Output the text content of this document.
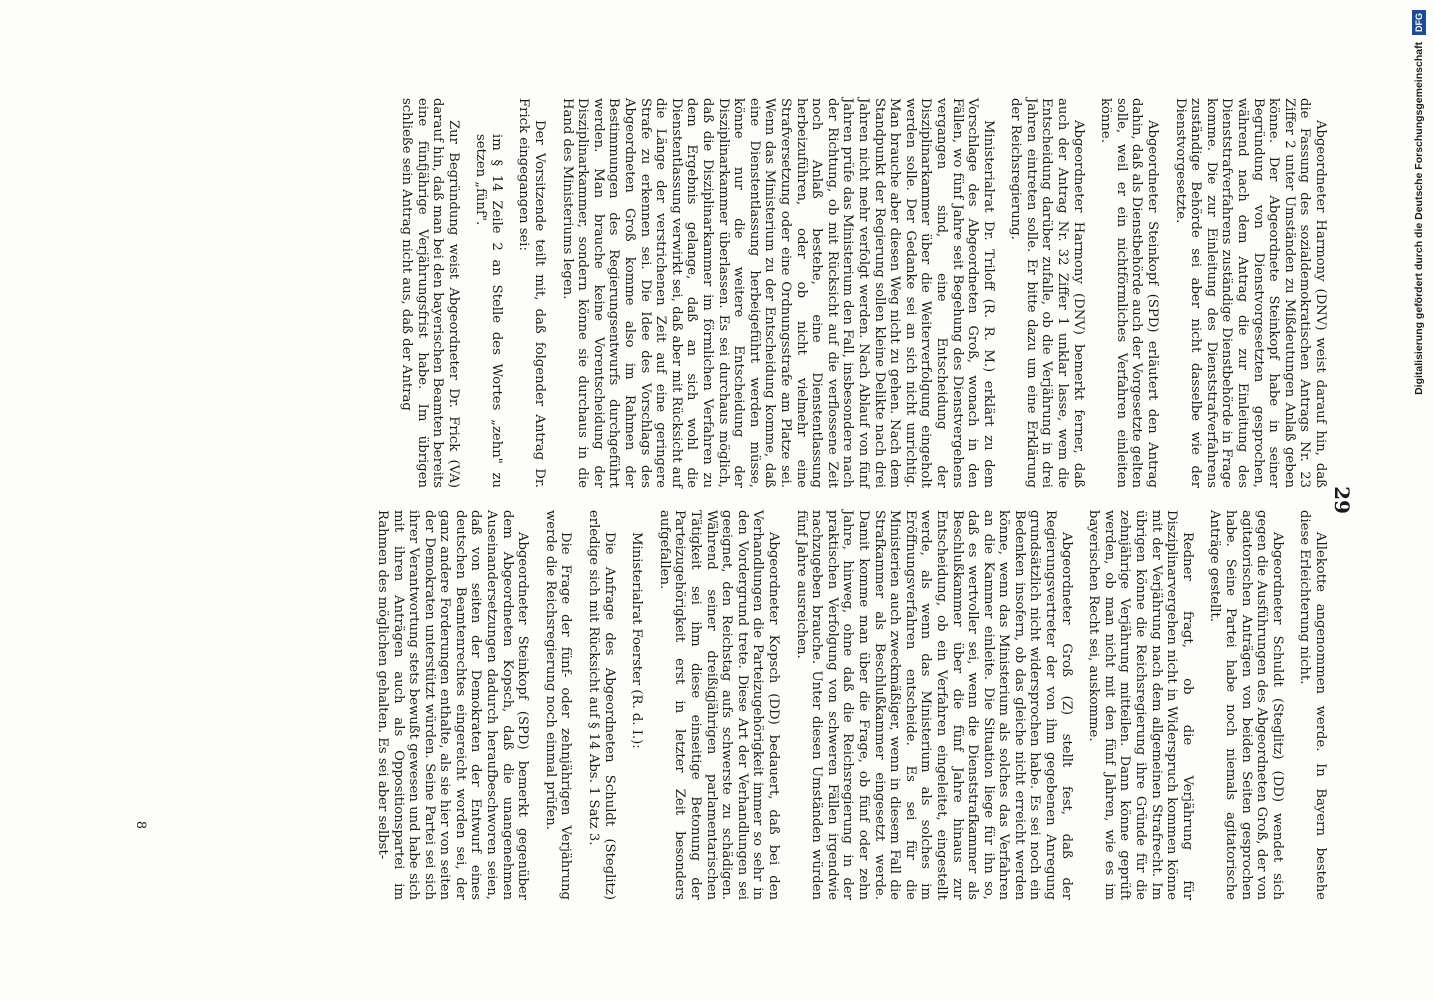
29

Abgeordneter Harmony (DNV) weist darauf hin, daß die Fassung des sozialdemokratischen Antrags Nr. 23 Ziffer 2 unter Umständen zu Mißdeutungen Anlaß geben könne. Der Abgeordnete Steinkopf habe in seiner Begründung von Dienstvorgesetzten gesprochen, während nach dem Antrag die zur Einleitung des Dienststrafverfahrens zuständige Dienstbehörde in Frage komme. Die zur Einleitung des Dienststrafverfahrens zuständige Behörde sei aber nicht dasselbe wie der Dienstvorgesetzte.

Abgeordneter Steinkopf (SPD) erläutert den Antrag dahin, daß als Dienstbehörde auch der Vorgesetzte gelten solle, weil er ein nichtförmliches Verfahren einleiten könne.

Abgeordneter Harmony (DNV) bemerkt ferner, daß auch der Antrag Nr. 32 Ziffer 1 unklar lasse, wem die Entscheidung darüber zufalle, ob die Verjährung in drei Jahren eintreten solle. Er bitte dazu um eine Erklärung der Reichsregierung.

Ministerialrat Dr. Triloff (R. R. M.) erklärt zu dem Vorschlage des Abgeordneten Groß, wonach in den Fällen, wo fünf Jahre seit Begehung des Dienstvergehens vergangen sind, eine Entscheidung der Disziplinarkammer über die Weiterverfolgung eingeholt werden solle. Der Gedanke sei an sich nicht unrichtig. Man brauche aber diesen Weg nicht zu gehen. Nach dem Standpunkt der Regierung sollen kleine Delikte nach drei Jahren nicht mehr verfolgt werden. Nach Ablauf von fünf Jahren prüfe das Ministerium den Fall, insbesondere nach der Richtung, ob mit Rücksicht auf die verflossene Zeit noch Anlaß bestehe, eine Dienstentlassung herbeizuführen, oder ob nicht vielmehr eine Strafversetzung oder eine Ordnungsstrafe am Platze sei. Wenn das Ministerium zu der Entscheidung komme, daß eine Dienstentlassung herbeigeführt werden müsse, könne nur die weitere Entscheidung der Disziplinarkammer überlassen. Es sei durchaus möglich, daß die Disziplinarkammer im förmlichen Verfahren zu dem Ergebnis gelange, daß an sich wohl die Dienstentlassung verwirkt sei, daß aber mit Rücksicht auf die Länge der verstrichenen Zeit auf eine geringere Strafe zu erkennen sei. Die Idee des Vorschlags des Abgeordneten Groß komme also im Rahmen der Bestimmungen des Regierungsentwurfs durchgeführt werden. Man brauche keine Vorentscheidung der Disziplinarkammer, sondern könne sie durchaus in die Hand des Ministeriums legen.

Der Vorsitzende teilt mit, daß folgender Antrag Dr. Frick eingegangen sei:

im § 14 Zeile 2 an Stelle des Wortes „zehn" zu setzen „fünf".

Zur Begründung weist Abgeordneter Dr. Frick (VA) darauf hin, daß man bei den bayerischen Beamten bereits eine fünfjährige Verjährungsfrist habe. Im übrigen schließe sein Antrag nicht aus, daß der Antrag

Allekotte angenommen werde. In Bayern bestehe diese Erleichterung nicht.

Abgeordneter Schuldt (Steglitz) (DD) wendet sich gegen die Ausführungen des Abgeordneten Groß, der von agitatorischen Anträgen von beiden Seiten gesprochen habe. Seine Partei habe noch niemals agitatorische Anträge gestellt.

Redner fragt, ob die Verjährung für Disziplinarvergehen nicht in Widerspruch kommen könne mit der Verjährung nach dem allgemeinen Strafrecht. Im übrigen könne die Reichsregierung ihre Gründe für die zehnjährige Verjährung mitteilen. Dann könne geprüft werden, ob man nicht mit den fünf Jahren, wie es im bayerischen Recht sei, auskomme.

Abgeordneter Groß (Z) stellt fest, daß der Regierungsvertreter der von ihm gegebenen Anregung grundsätzlich nicht widersprochen habe. Es sei noch ein Bedenken insofern, ob das gleiche nicht erreicht werden könne, wenn das Ministerium als solches das Verfahren an die Kammer einleite. Die Situation liege für ihn so, daß es wertvoller sei, wenn die Dienststrafkammer als Beschlußkammer über die fünf Jahre hinaus zur Entscheidung, ob ein Verfahren eingeleitet, eingestellt werde, als wenn das Ministerium als solches im Eröffnungsverfahren entscheide. Es sei für die Ministerien auch zweckmäßiger, wenn in diesem Fall die Strafkammer als Beschlußkammer eingesetzt werde. Damit komme man über die Frage, ob fünf oder zehn Jahre, hinweg, ohne daß die Reichsregierung in der praktischen Verfolgung von schweren Fällen irgendwie nachzugeben brauche. Unter diesen Umständen würden fünf Jahre ausreichen.

Abgeordneter Kopsch (DD) bedauert, daß bei den Verhandlungen die Parteizugehörigkeit immer so sehr in den Vordergrund trete. Diese Art der Verhandlungen sei geeignet, den Reichstag aufs schwerste zu schädigen. Während seiner dreißigjährigen parlamentarischen Tätigkeit sei ihm diese einseitige Betonung der Parteizugehörigkeit erst in letzter Zeit besonders aufgefallen.

Ministerialrat Foerster (R. d. I.):

Die Anfrage des Abgeordneten Schuldt (Steglitz) erledige sich mit Rücksicht auf § 14 Abs. 1 Satz 3.

Die Frage der fünf- oder zehnjährigen Verjährung werde die Reichsregierung noch einmal prüfen.

Abgeordneter Steinkopf (SPD) bemerkt gegenüber dem Abgeordneten Kopsch, daß die unangenehmen Auseinandersetzungen dadurch heraufbeschworen seien, daß von seiten der Demokraten der Entwurf eines deutschen Beamtenrechtes eingereicht worden sei, der ganz andere Forderungen enthalte, als sie hier von seiten der Demokraten unterstützt würden. Seine Partei sei sich ihrer Verantwortung stets bewußt gewesen und habe sich mit ihren Anträgen auch als Oppositionspartei im Rahmen des möglichen gehalten. Es sei aber selbst-

8
Digitalisierung gefördert durch die Deutsche Forschungsgemeinschaft DFG
